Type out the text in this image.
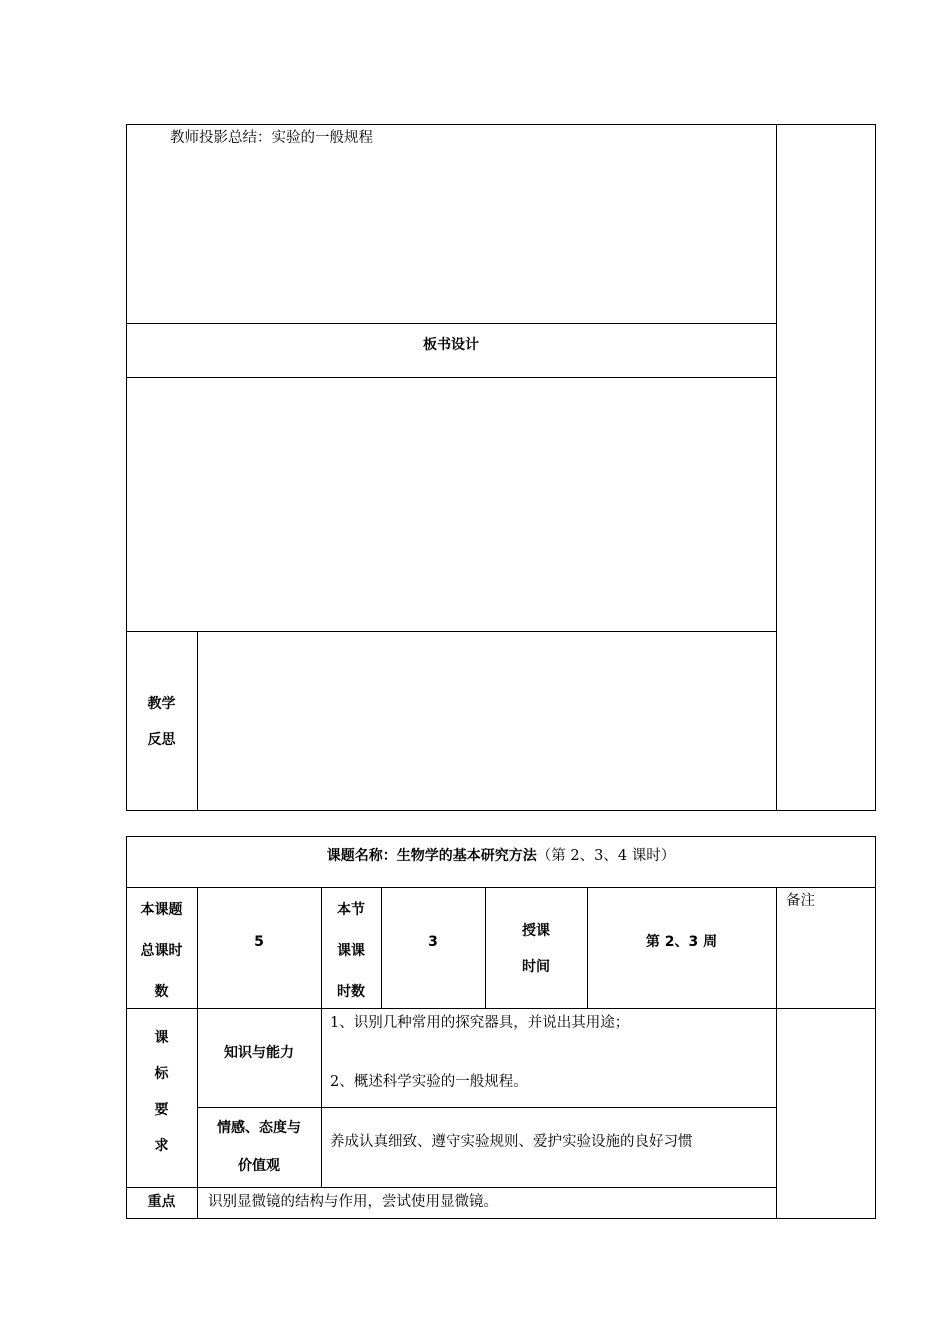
教师投影总结：实验的一般规程
板书设计
教学
反思
课题名称：生物学的基本研究方法（第 2、3、4 课时）
本课题
总课时
数
5
本节
课课
时数
3
授课
时间
第 2、3 周
备注
课
标
要
求
知识与能力
1、识别几种常用的探究器具，并说出其用途；
2、概述科学实验的一般规程。
情感、态度与
价值观
养成认真细致、遵守实验规则、爱护实验设施的良好习惯
重点	识别显微镜的结构与作用，尝试使用显微镜。
